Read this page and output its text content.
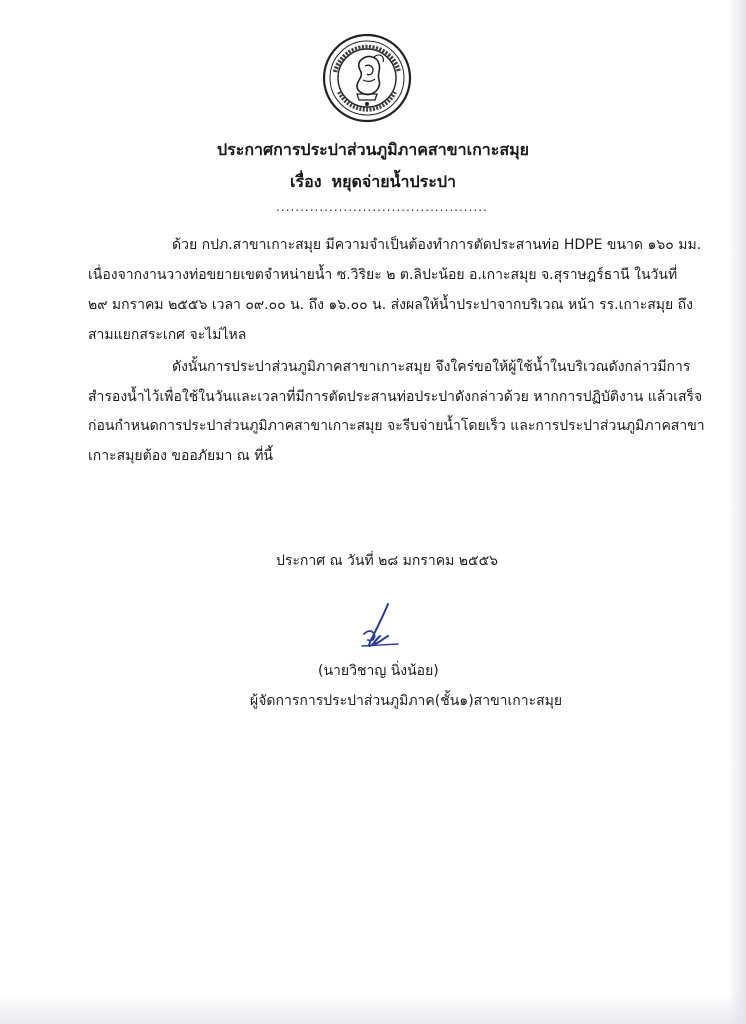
ประกาศการประปาส่วนภูมิภาคสาขาเกาะสมุย
เรื่อง หยุดจ่ายน้ำประปา
............................................
ด้วย กปภ.สาขาเกาะสมุย มีความจำเป็นต้องทำการตัดประสานท่อ HDPE ขนาด ๑๖๐ มม.
เนื่องจากงานวางท่อขยายเขตจำหน่ายน้ำ ซ.วิริยะ ๒ ต.ลิปะน้อย อ.เกาะสมุย จ.สุราษฎร์ธานี ในวันที่
๒๙ มกราคม ๒๕๕๖ เวลา ๐๙.๐๐ น. ถึง ๑๖.๐๐ น. ส่งผลให้น้ำประปาจากบริเวณ หน้า รร.เกาะสมุย ถึง
สามแยกสระเกศ จะไม่ไหล
ดังนั้นการประปาส่วนภูมิภาคสาขาเกาะสมุย จึงใคร่ขอให้ผู้ใช้น้ำในบริเวณดังกล่าวมีการ
สำรองน้ำไว้เพื่อใช้ในวันและเวลาที่มีการตัดประสานท่อประปาดังกล่าวด้วย หากการปฏิบัติงาน แล้วเสร็จ
ก่อนกำหนดการประปาส่วนภูมิภาคสาขาเกาะสมุย จะรีบจ่ายน้ำโดยเร็ว และการประปาส่วนภูมิภาคสาขา
เกาะสมุยต้อง ขออภัยมา ณ ที่นี้
ประกาศ ณ วันที่ ๒๘ มกราคม ๒๕๕๖
(นายวิชาญ นิ่งน้อย)
ผู้จัดการการประปาส่วนภูมิภาค(ชั้น๑)สาขาเกาะสมุย
